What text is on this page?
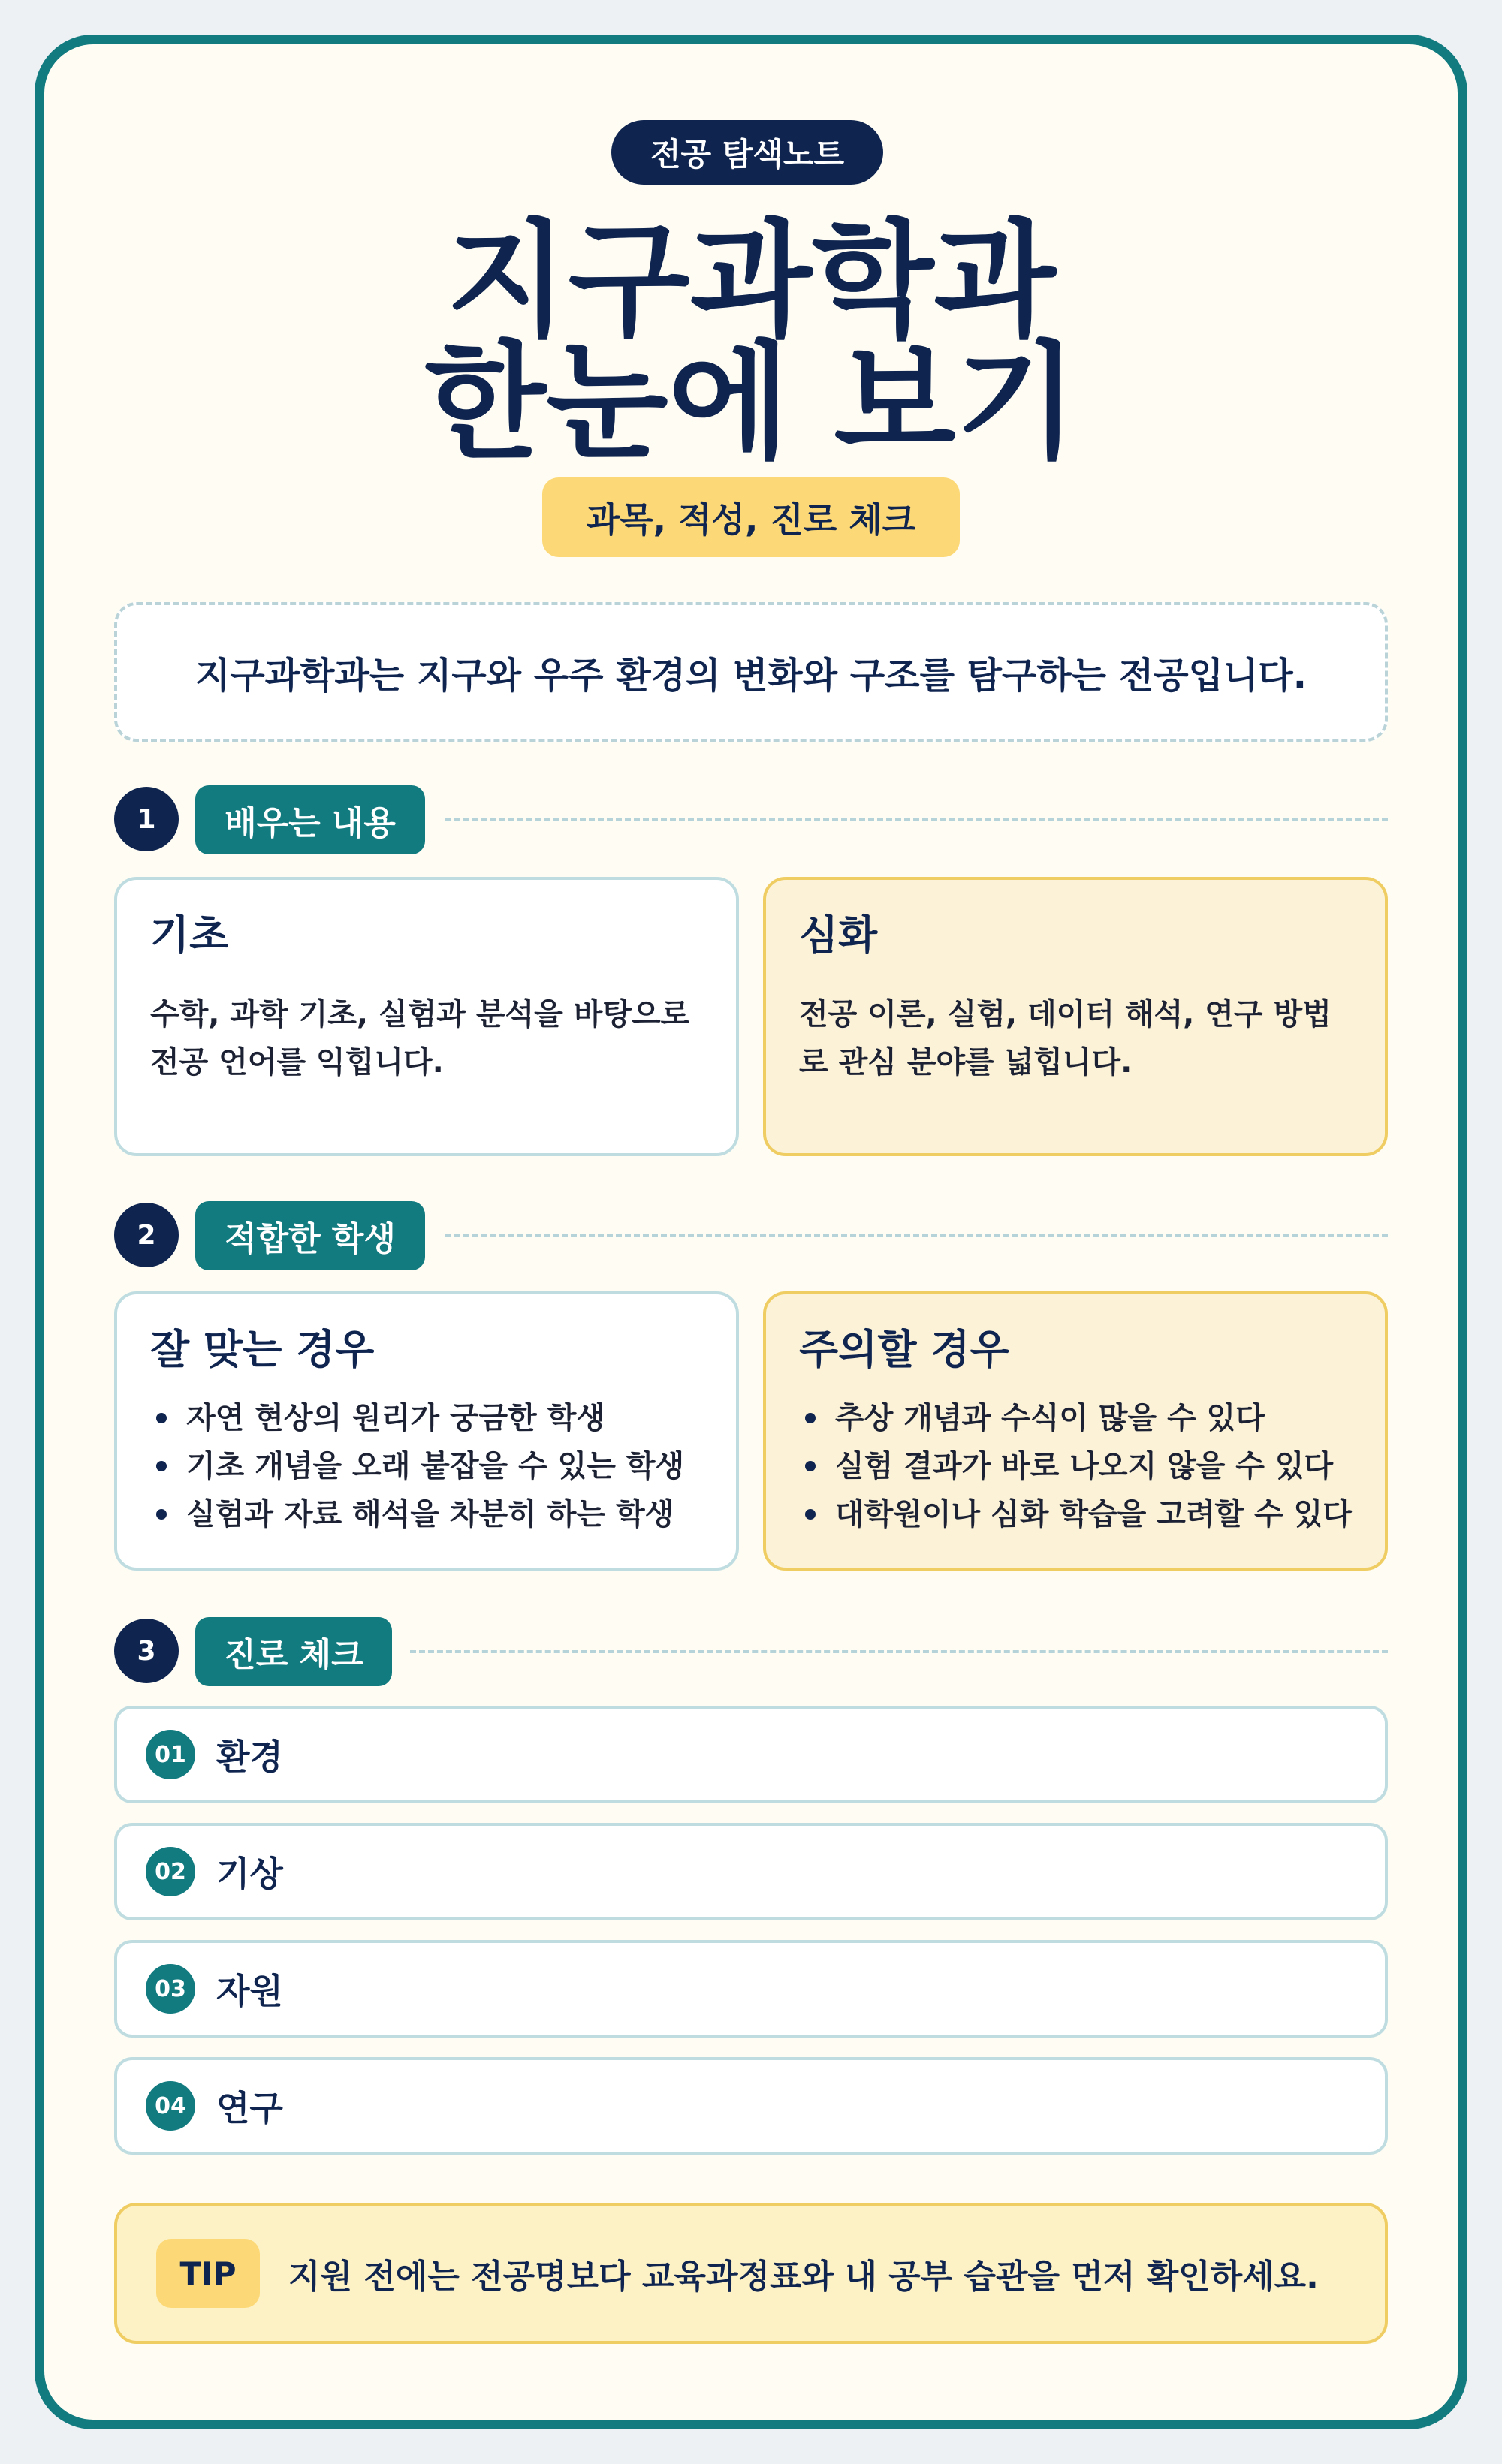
전공 탐색노트
지구과학과
한눈에 보기
과목, 적성, 진로 체크
지구과학과는 지구와 우주 환경의 변화와 구조를 탐구하는 전공입니다.
1	배우는 내용
기초
수학, 과학 기초, 실험과 분석을 바탕으로 전공 언어를 익힙니다.
심화
전공 이론, 실험, 데이터 해석, 연구 방법로 관심 분야를 넓힙니다.
2	적합한 학생
잘 맞는 경우
자연 현상의 원리가 궁금한 학생
기초 개념을 오래 붙잡을 수 있는 학생
실험과 자료 해석을 차분히 하는 학생
주의할 경우
추상 개념과 수식이 많을 수 있다
실험 결과가 바로 나오지 않을 수 있다
대학원이나 심화 학습을 고려할 수 있다
3	진로 체크
01 환경
02 기상
03 자원
04 연구
TIP	지원 전에는 전공명보다 교육과정표와 내 공부 습관을 먼저 확인하세요.
